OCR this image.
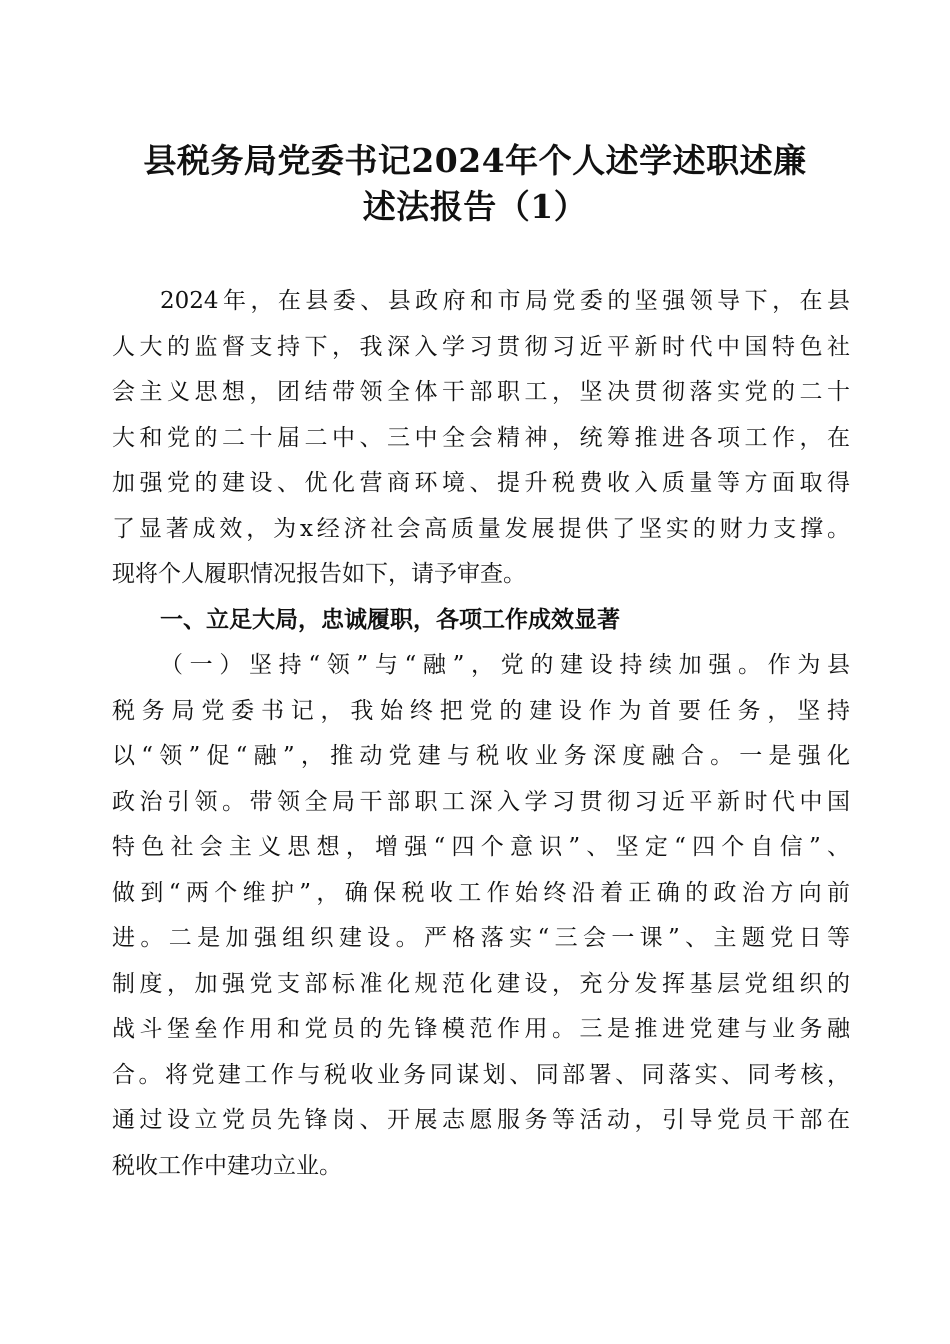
县税务局党委书记2024年个人述学述职述廉
述法报告（1）
2024年，在县委、县政府和市局党委的坚强领导下，在县
人大的监督支持下，我深入学习贯彻习近平新时代中国特色社
会主义思想，团结带领全体干部职工，坚决贯彻落实党的二十
大和党的二十届二中、三中全会精神，统筹推进各项工作，在
加强党的建设、优化营商环境、提升税费收入质量等方面取得
了显著成效，为x经济社会高质量发展提供了坚实的财力支撑。
现将个人履职情况报告如下，请予审查。
一、立足大局，忠诚履职，各项工作成效显著
（一）坚持“领”与“融”，党的建设持续加强。作为县
税务局党委书记，我始终把党的建设作为首要任务，坚持
以“领”促“融”，推动党建与税收业务深度融合。一是强化
政治引领。带领全局干部职工深入学习贯彻习近平新时代中国
特色社会主义思想，增强“四个意识”、坚定“四个自信”、
做到“两个维护”，确保税收工作始终沿着正确的政治方向前
进。二是加强组织建设。严格落实“三会一课”、主题党日等
制度，加强党支部标准化规范化建设，充分发挥基层党组织的
战斗堡垒作用和党员的先锋模范作用。三是推进党建与业务融
合。将党建工作与税收业务同谋划、同部署、同落实、同考核，
通过设立党员先锋岗、开展志愿服务等活动，引导党员干部在
税收工作中建功立业。
